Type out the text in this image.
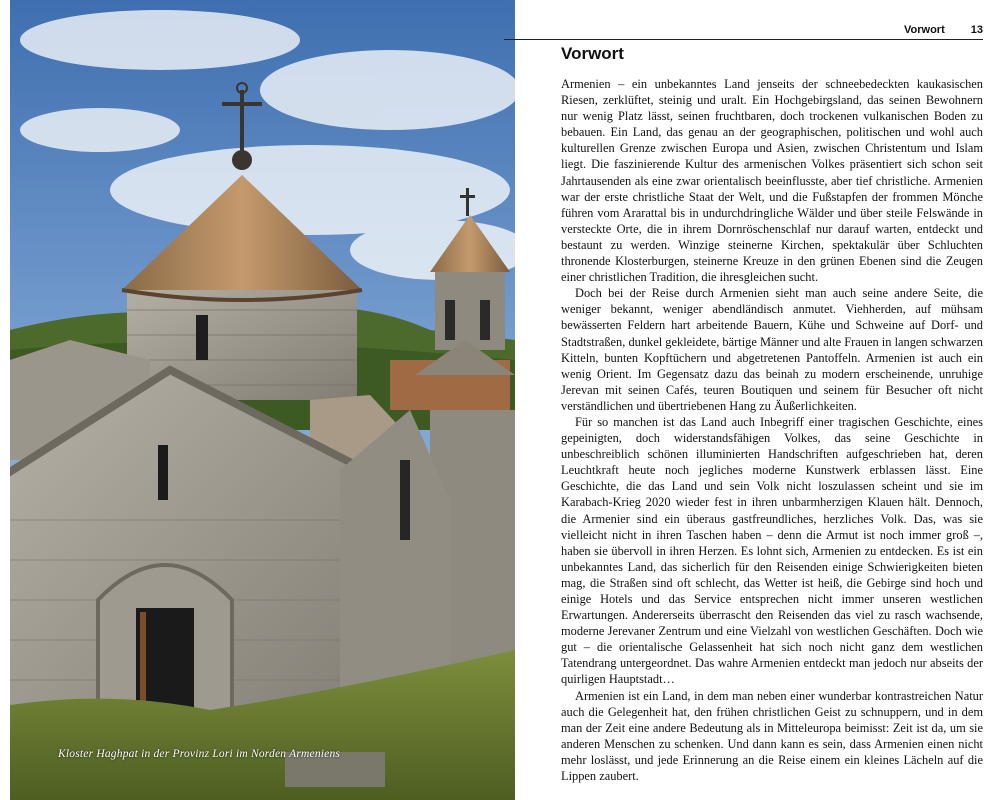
Kloster Haghpat in der Provinz Lori im Norden Armeniens
Vorwort 13
Vorwort

Armenien – ein unbekanntes Land jenseits der schneebedeckten kaukasischen Riesen, zerklüftet, steinig und uralt. Ein Hochgebirgsland, das seinen Bewohnern nur wenig Platz lässt, seinen fruchtbaren, doch trockenen vulkanischen Boden zu bebauen. Ein Land, das genau an der geographischen, politischen und wohl auch kulturellen Grenze zwischen Europa und Asien, zwischen Christentum und Islam liegt. Die faszinierende Kultur des armenischen Volkes präsentiert sich schon seit Jahrtausenden als eine zwar orientalisch beeinflusste, aber tief christliche. Armenien war der erste christliche Staat der Welt, und die Fußstapfen der frommen Mönche führen vom Ararattal bis in undurchdringliche Wälder und über steile Felswände in versteckte Orte, die in ihrem Dornröschenschlaf nur darauf warten, entdeckt und bestaunt zu werden. Winzige steinerne Kirchen, spektakulär über Schluchten thronende Klosterburgen, steinerne Kreuze in den grünen Ebenen sind die Zeugen einer christlichen Tradition, die ihresgleichen sucht.

Doch bei der Reise durch Armenien sieht man auch seine andere Seite, die weniger bekannt, weniger abendländisch anmutet. Viehherden, auf mühsam bewässerten Feldern hart arbeitende Bauern, Kühe und Schweine auf Dorf- und Stadtstraßen, dunkel gekleidete, bärtige Männer und alte Frauen in langen schwarzen Kitteln, bunten Kopftüchern und abgetretenen Pantoffeln. Armenien ist auch ein wenig Orient. Im Gegensatz dazu das beinah zu modern erscheinende, unruhige Jerevan mit seinen Cafés, teuren Boutiquen und seinem für Besucher oft nicht verständlichen und übertriebenen Hang zu Äußerlichkeiten.

Für so manchen ist das Land auch Inbegriff einer tragischen Geschichte, eines gepeinigten, doch widerstandsfähigen Volkes, das seine Geschichte in unbeschreiblich schönen illuminierten Handschriften aufgeschrieben hat, deren Leuchtkraft heute noch jegliches moderne Kunstwerk erblassen lässt. Eine Geschichte, die das Land und sein Volk nicht loszulassen scheint und sie im Karabach-Krieg 2020 wieder fest in ihren unbarmherzigen Klauen hält. Dennoch, die Armenier sind ein überaus gastfreundliches, herzliches Volk. Das, was sie vielleicht nicht in ihren Taschen haben – denn die Armut ist noch immer groß –, haben sie übervoll in ihren Herzen. Es lohnt sich, Armenien zu entdecken. Es ist ein unbekanntes Land, das sicherlich für den Reisenden einige Schwierigkeiten bieten mag, die Straßen sind oft schlecht, das Wetter ist heiß, die Gebirge sind hoch und einige Hotels und das Service entsprechen nicht immer unseren westlichen Erwartungen. Andererseits überrascht den Reisenden das viel zu rasch wachsende, moderne Jerevaner Zentrum und eine Vielzahl von westlichen Geschäften. Doch wie gut – die orientalische Gelassenheit hat sich noch nicht ganz dem westlichen Tatendrang untergeordnet. Das wahre Armenien entdeckt man jedoch nur abseits der quirligen Hauptstadt…

Armenien ist ein Land, in dem man neben einer wunderbar kontrastreichen Natur auch die Gelegenheit hat, den frühen christlichen Geist zu schnuppern, und in dem man der Zeit eine andere Bedeutung als in Mitteleuropa beimisst: Zeit ist da, um sie anderen Menschen zu schenken. Und dann kann es sein, dass Armenien einen nicht mehr loslässt, und jede Erinnerung an die Reise einem ein kleines Lächeln auf die Lippen zaubert.
